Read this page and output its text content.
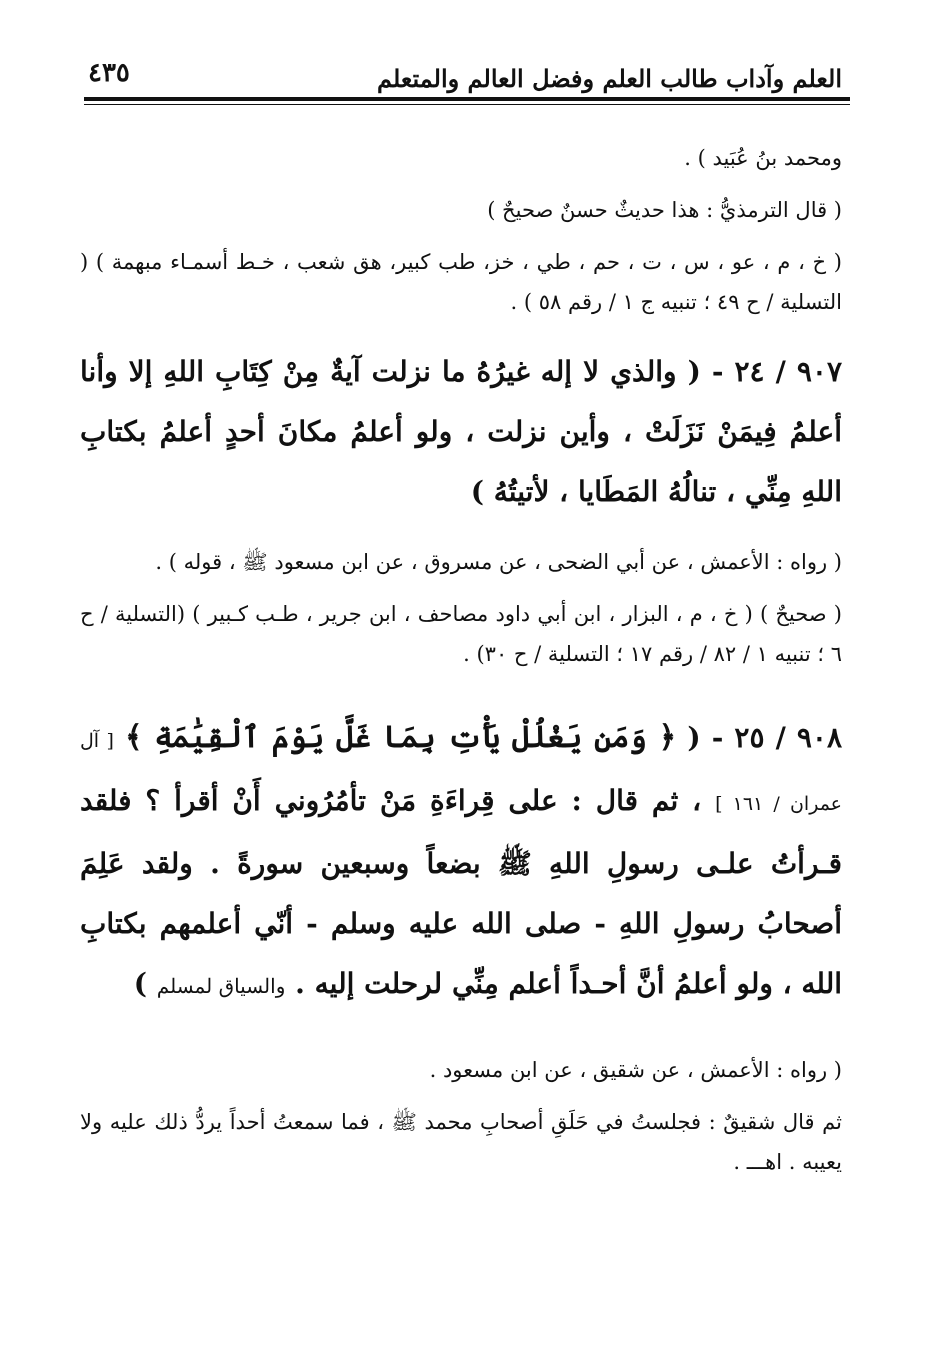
٤٣٥	العلم وآداب طالب العلم وفضل العالم والمتعلم

ومحمد بنُ عُبَيد ) .

( قال الترمذيُّ : هذا حديثٌ حسنٌ صحيحٌ )

( خ ، م ، عو ، س ، ت ، حم ، طي ، خز، طب كبير، هق شعب ، خـط أسمـاء مبهمة ) ( التسلية / ح ٤٩ ؛ تنبيه ج ١ / رقم ٥٨ ) .

٩٠٧ / ٢٤ - ( والذي لا إله غيرُهُ ما نزلت آيةٌ مِنْ كِتَابِ اللهِ إلا وأنا أعلمُ فِيمَنْ نَزَلَتْ ، وأين نزلت ، ولو أعلمُ مكانَ أحدٍ أعلمُ بكتابِ اللهِ مِنِّي ، تنالُهُ المَطَايا ، لأتيتُهُ )

( رواه : الأعمش ، عن أبي الضحى ، عن مسروق ، عن ابن مسعود ﷺ ، قوله ) .

( صحيحٌ ) ( خ ، م ، البزار ، ابن أبي داود مصاحف ، ابن جرير ، طـب كـبير ) (التسلية / ح ٦ ؛ تنبيه ١ / ٨٢ / رقم ١٧ ؛ التسلية / ح ٣٠) .

٩٠٨ / ٢٥ - ( ﴿ وَمَن يَغْلُلْ يَأْتِ بِمَا غَلَّ يَوْمَ ٱلْقِيَٰمَةِ ﴾ [ آل عمران / ١٦١ ] ، ثم قال : على قِراءَةِ مَنْ تأمُرُوني أَنْ أقرأ ؟ فلقد قـرأتُ علـى رسولِ اللهِ ﷺ بضعاً وسبعين سورةً . ولقد عَلِمَ أصحابُ رسولِ اللهِ - صلى الله عليه وسلم - أنّي أعلمهم بكتابِ الله ، ولو أعلمُ أنَّ أحـداً أعلم مِنِّي لرحلت إليه . والسياق لمسلم )

( رواه : الأعمش ، عن شقيق ، عن ابن مسعود .

ثم قال شقيقٌ : فجلستُ في حَلَقِ أصحابِ محمد ﷺ ، فما سمعتُ أحداً يردُّ ذلك عليه ولا يعيبه . اهـــ .
